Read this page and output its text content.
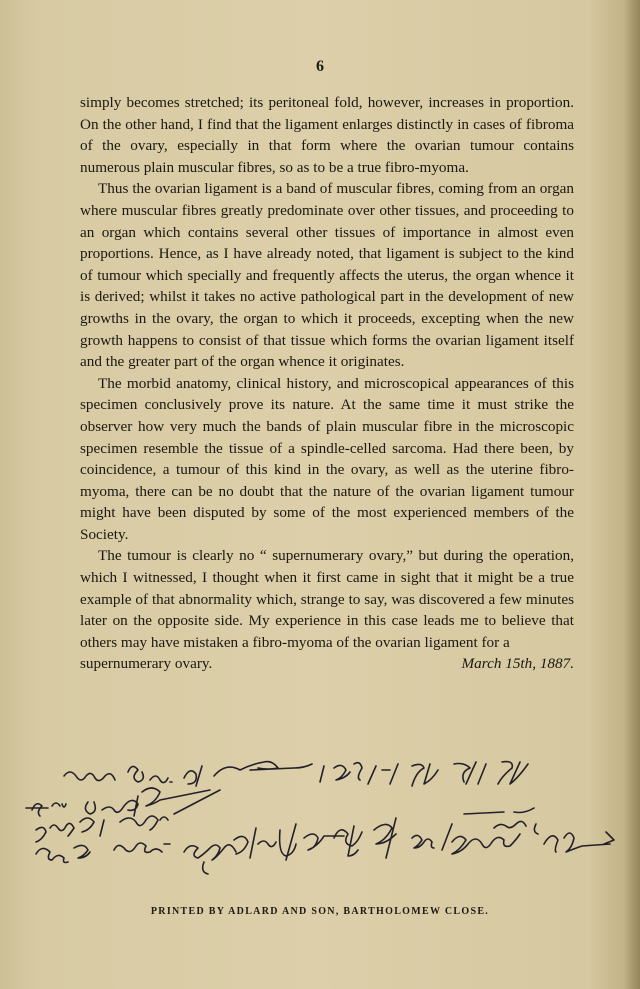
6

simply becomes stretched; its peritoneal fold, however, increases in proportion. On the other hand, I find that the ligament enlarges distinctly in cases of fibroma of the ovary, especially in that form where the ovarian tumour contains numerous plain muscular fibres, so as to be a true fibro-myoma.

Thus the ovarian ligament is a band of muscular fibres, coming from an organ where muscular fibres greatly predominate over other tissues, and proceeding to an organ which contains several other tissues of importance in almost even proportions. Hence, as I have already noted, that ligament is subject to the kind of tumour which specially and frequently affects the uterus, the organ whence it is derived; whilst it takes no active pathological part in the development of new growths in the ovary, the organ to which it proceeds, excepting when the new growth happens to consist of that tissue which forms the ovarian ligament itself and the greater part of the organ whence it originates.

The morbid anatomy, clinical history, and microscopical appearances of this specimen conclusively prove its nature. At the same time it must strike the observer how very much the bands of plain muscular fibre in the microscopic specimen resemble the tissue of a spindle-celled sarcoma. Had there been, by coincidence, a tumour of this kind in the ovary, as well as the uterine fibro-myoma, there can be no doubt that the nature of the ovarian ligament tumour might have been disputed by some of the most experienced members of the Society.

The tumour is clearly no “ supernumerary ovary,” but during the operation, which I witnessed, I thought when it first came in sight that it might be a true example of that abnormality which, strange to say, was discovered a few minutes later on the opposite side. My experience in this case leads me to believe that others may have mistaken a fibro-myoma of the ovarian ligament for a

supernumerary ovary.	March 15th, 1887.
PRINTED BY ADLARD AND SON, BARTHOLOMEW CLOSE.
